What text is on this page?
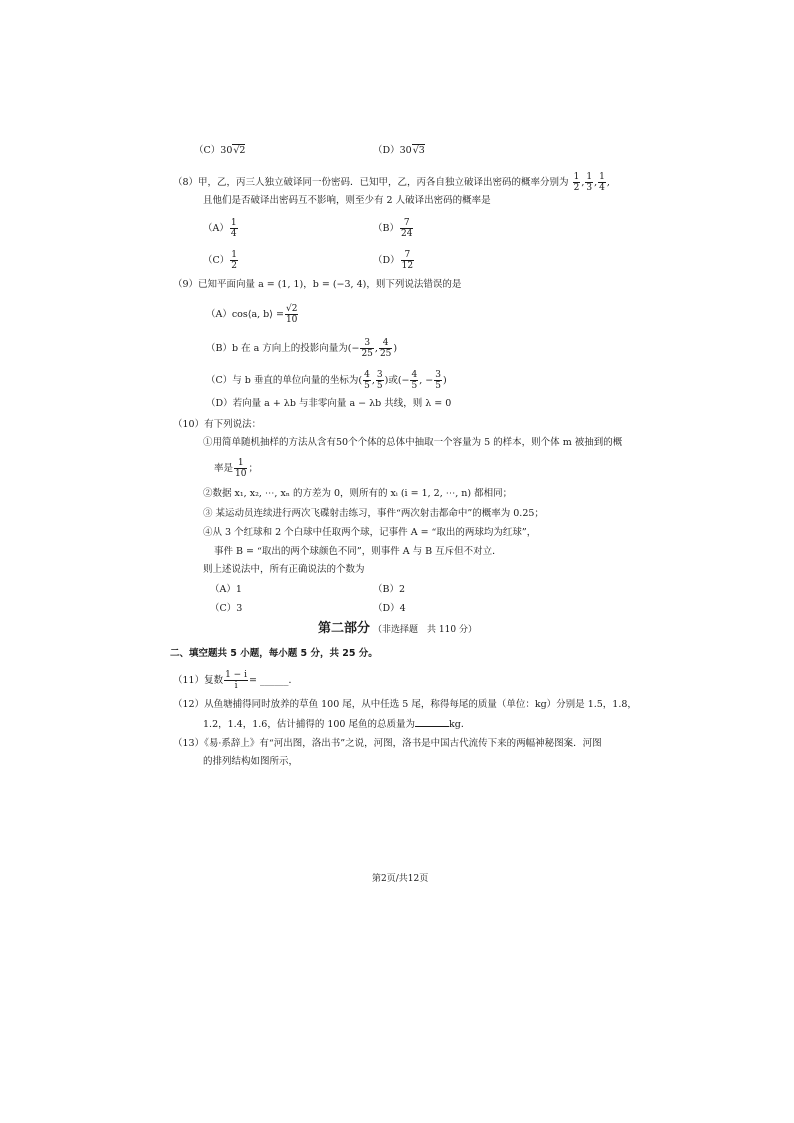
（C）30√2	（D）30√3
（8）甲，乙，丙三人独立破译同一份密码．已知甲，乙，丙各自独立破译出密码的概率分别为 $\frac{1}{2}$ , $\frac{1}{3}$ , $\frac{1}{4}$ ,
且他们是否破译出密码互不影响，则至少有 2 人破译出密码的概率是
$(A) \frac{1}{4}$	$(B) \frac{7}{24}$
$(C) \frac{1}{2}$	$(D) \frac{7}{12}$
（9）已知平面向量 a = (1, 1)，b = (−3, 4)，则下列说法错误的是
（A）cos⟨a, b⟩ = $\frac{√2}{10}$
（B）b 在 a 方向上的投影向量为(− $\frac{3}{25}$ , $\frac{4}{25}$ )
（C）与 b 垂直的单位向量的坐标为( $\frac{4}{5}$ , $\frac{3}{5}$ )或(− $\frac{4}{5}$ , − $\frac{3}{5}$ )
（D）若向量 a + λb 与非零向量 a − λb 共线，则 λ = 0
（10）有下列说法：
①用简单随机抽样的方法从含有50个个体的总体中抽取一个容量为 5 的样本，则个体 m 被抽到的概
率是 $\frac{1}{10}$ ；
②数据 x₁, x₂, ⋯, xₙ 的方差为 0，则所有的 xᵢ (i = 1, 2, ⋯, n) 都相同；
③ 某运动员连续进行两次飞碟射击练习，事件“两次射击都命中”的概率为 0.25；
④从 3 个红球和 2 个白球中任取两个球，记事件 A = “取出的两球均为红球”，
事件 B = “取出的两个球颜色不同”，则事件 A 与 B 互斥但不对立．
则上述说法中，所有正确说法的个数为
（A）1	（B）2
（C）3	（D）4
第二部分 （非选择题　共 110 分）
二、填空题共 5 小题，每小题 5 分，共 25 分。
（11）复数 $\frac{1 - i}{i}$ = ______．
（12）从鱼塘捕得同时放养的草鱼 100 尾，从中任选 5 尾，称得每尾的质量（单位：kg）分别是 1.5，1.8，
1.2，1.4，1.6，估计捕得的 100 尾鱼的总质量为	kg．
（13）《易·系辞上》有“河出图，洛出书”之说，河图，洛书是中国古代流传下来的两幅神秘图案．河图
的排列结构如图所示，
第2页/共12页
